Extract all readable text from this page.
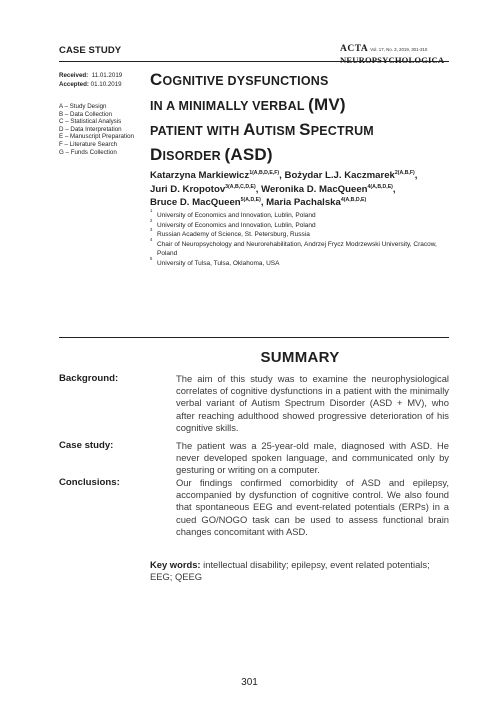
CASE STUDY	ACTA Vol. 17, No. 3, 2019, 301-310
NEUROPSYCHOLOGICA
Received: 11.01.2019
Accepted: 01.10.2019
A – Study Design
B – Data Collection
C – Statistical Analysis
D – Data Interpretation
E – Manuscript Preparation
F – Literature Search
G – Funds Collection
COGNITIVE DYSFUNCTIONS
IN A MINIMALLY VERBAL (MV)
PATIENT WITH AUTISM SPECTRUM
DISORDER (ASD)
Katarzyna Markiewicz$^{1(A,B,D,E,F)}$, Bożydar L.J. Kaczmarek$^{2(A,B,F)}$,
Juri D. Kropotov$^{3(A,B,C,D,E)}$, Weronika D. MacQueen$^{4(A,B,D,E)}$,
Bruce D. MacQueen$^{5(A,D,E)}$, Maria Pachalska$^{4(A,B,D,E)}$
1
University of Economics and Innovation, Lublin, Poland
2
University of Economics and Innovation, Lublin, Poland
3
Russian Academy of Science, St. Petersburg, Russia
4
Chair of Neuropsychology and Neurorehabilitation, Andrzej Frycz Modrzewski University, Cracow, Poland
5
University of Tulsa, Tulsa, Oklahoma, USA
SUMMARY
Background:	The aim of this study was to examine the neurophysiological correlates of cognitive dysfunctions in a patient with the minimally verbal variant of Autism Spectrum Disorder (ASD + MV), who after reaching adulthood showed progressive deterioration of his cognitive skills.
Case study:	The patient was a 25-year-old male, diagnosed with ASD. He never developed spoken language, and communicated only by gesturing or writing on a computer.
Conclusions:	Our findings confirmed comorbidity of ASD and epilepsy, accompanied by dysfunction of cognitive control. We also found that spontaneous EEG and event-related potentials (ERPs) in a cued GO/NOGO task can be used to assess functional brain changes concomitant with ASD.
Key words: intellectual disability; epilepsy, event related potentials; EEG; QEEG
301
